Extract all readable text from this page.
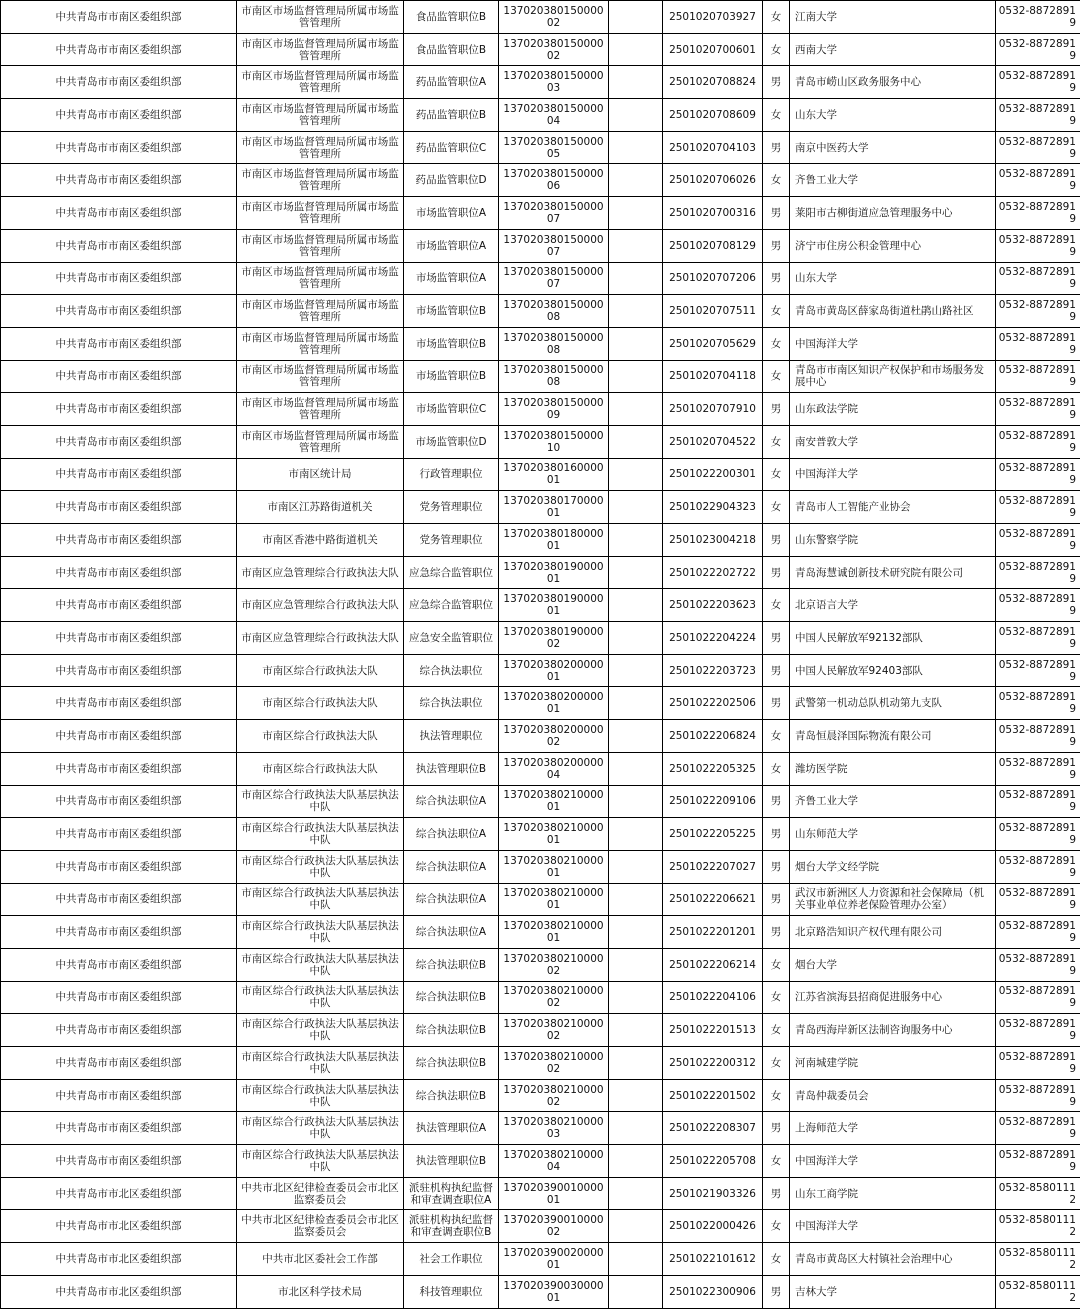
中共青岛市市南区委组织部	市南区市场监督管理局所属市场监管管理所	食品监管职位B	13702038015000002		2501020703927	女	江南大学	0532-88728919
中共青岛市市南区委组织部	市南区市场监督管理局所属市场监管管理所	食品监管职位B	13702038015000002		2501020700601	女	西南大学	0532-88728919
中共青岛市市南区委组织部	市南区市场监督管理局所属市场监管管理所	药品监管职位A	13702038015000003		2501020708824	男	青岛市崂山区政务服务中心	0532-88728919
中共青岛市市南区委组织部	市南区市场监督管理局所属市场监管管理所	药品监管职位B	13702038015000004		2501020708609	女	山东大学	0532-88728919
中共青岛市市南区委组织部	市南区市场监督管理局所属市场监管管理所	药品监管职位C	13702038015000005		2501020704103	男	南京中医药大学	0532-88728919
中共青岛市市南区委组织部	市南区市场监督管理局所属市场监管管理所	药品监管职位D	13702038015000006		2501020706026	女	齐鲁工业大学	0532-88728919
中共青岛市市南区委组织部	市南区市场监督管理局所属市场监管管理所	市场监管职位A	13702038015000007		2501020700316	男	莱阳市古柳街道应急管理服务中心	0532-88728919
中共青岛市市南区委组织部	市南区市场监督管理局所属市场监管管理所	市场监管职位A	13702038015000007		2501020708129	男	济宁市住房公积金管理中心	0532-88728919
中共青岛市市南区委组织部	市南区市场监督管理局所属市场监管管理所	市场监管职位A	13702038015000007		2501020707206	男	山东大学	0532-88728919
中共青岛市市南区委组织部	市南区市场监督管理局所属市场监管管理所	市场监管职位B	13702038015000008		2501020707511	女	青岛市黄岛区薛家岛街道杜鹃山路社区	0532-88728919
中共青岛市市南区委组织部	市南区市场监督管理局所属市场监管管理所	市场监管职位B	13702038015000008		2501020705629	女	中国海洋大学	0532-88728919
中共青岛市市南区委组织部	市南区市场监督管理局所属市场监管管理所	市场监管职位B	13702038015000008		2501020704118	女	青岛市市南区知识产权保护和市场服务发展中心	0532-88728919
中共青岛市市南区委组织部	市南区市场监督管理局所属市场监管管理所	市场监管职位C	13702038015000009		2501020707910	男	山东政法学院	0532-88728919
中共青岛市市南区委组织部	市南区市场监督管理局所属市场监管管理所	市场监管职位D	13702038015000010		2501020704522	女	南安普敦大学	0532-88728919
中共青岛市市南区委组织部	市南区统计局	行政管理职位	13702038016000001		2501022200301	女	中国海洋大学	0532-88728919
中共青岛市市南区委组织部	市南区江苏路街道机关	党务管理职位	13702038017000001		2501022904323	女	青岛市人工智能产业协会	0532-88728919
中共青岛市市南区委组织部	市南区香港中路街道机关	党务管理职位	13702038018000001		2501023004218	男	山东警察学院	0532-88728919
中共青岛市市南区委组织部	市南区应急管理综合行政执法大队	应急综合监管职位	13702038019000001		2501022202722	男	青岛海慧诚创新技术研究院有限公司	0532-88728919
中共青岛市市南区委组织部	市南区应急管理综合行政执法大队	应急综合监管职位	13702038019000001		2501022203623	女	北京语言大学	0532-88728919
中共青岛市市南区委组织部	市南区应急管理综合行政执法大队	应急安全监管职位	13702038019000002		2501022204224	男	中国人民解放军92132部队	0532-88728919
中共青岛市市南区委组织部	市南区综合行政执法大队	综合执法职位	13702038020000001		2501022203723	男	中国人民解放军92403部队	0532-88728919
中共青岛市市南区委组织部	市南区综合行政执法大队	综合执法职位	13702038020000001		2501022202506	男	武警第一机动总队机动第九支队	0532-88728919
中共青岛市市南区委组织部	市南区综合行政执法大队	执法管理职位	13702038020000002		2501022206824	女	青岛恒晨泽国际物流有限公司	0532-88728919
中共青岛市市南区委组织部	市南区综合行政执法大队	执法管理职位B	13702038020000004		2501022205325	女	潍坊医学院	0532-88728919
中共青岛市市南区委组织部	市南区综合行政执法大队基层执法中队	综合执法职位A	13702038021000001		2501022209106	男	齐鲁工业大学	0532-88728919
中共青岛市市南区委组织部	市南区综合行政执法大队基层执法中队	综合执法职位A	13702038021000001		2501022205225	男	山东师范大学	0532-88728919
中共青岛市市南区委组织部	市南区综合行政执法大队基层执法中队	综合执法职位A	13702038021000001		2501022207027	男	烟台大学文经学院	0532-88728919
中共青岛市市南区委组织部	市南区综合行政执法大队基层执法中队	综合执法职位A	13702038021000001		2501022206621	男	武汉市新洲区人力资源和社会保障局（机关事业单位养老保险管理办公室）	0532-88728919
中共青岛市市南区委组织部	市南区综合行政执法大队基层执法中队	综合执法职位A	13702038021000001		2501022201201	男	北京路浩知识产权代理有限公司	0532-88728919
中共青岛市市南区委组织部	市南区综合行政执法大队基层执法中队	综合执法职位B	13702038021000002		2501022206214	女	烟台大学	0532-88728919
中共青岛市市南区委组织部	市南区综合行政执法大队基层执法中队	综合执法职位B	13702038021000002		2501022204106	女	江苏省滨海县招商促进服务中心	0532-88728919
中共青岛市市南区委组织部	市南区综合行政执法大队基层执法中队	综合执法职位B	13702038021000002		2501022201513	女	青岛西海岸新区法制咨询服务中心	0532-88728919
中共青岛市市南区委组织部	市南区综合行政执法大队基层执法中队	综合执法职位B	13702038021000002		2501022200312	女	河南城建学院	0532-88728919
中共青岛市市南区委组织部	市南区综合行政执法大队基层执法中队	综合执法职位B	13702038021000002		2501022201502	女	青岛仲裁委员会	0532-88728919
中共青岛市市南区委组织部	市南区综合行政执法大队基层执法中队	执法管理职位A	13702038021000003		2501022208307	男	上海师范大学	0532-88728919
中共青岛市市南区委组织部	市南区综合行政执法大队基层执法中队	执法管理职位B	13702038021000004		2501022205708	女	中国海洋大学	0532-88728919
中共青岛市市北区委组织部	中共市北区纪律检查委员会市北区监察委员会	派驻机构执纪监督和审查调查职位A	13702039001000001		2501021903326	男	山东工商学院	0532-85801112
中共青岛市市北区委组织部	中共市北区纪律检查委员会市北区监察委员会	派驻机构执纪监督和审查调查职位B	13702039001000002		2501022000426	女	中国海洋大学	0532-85801112
中共青岛市市北区委组织部	中共市北区委社会工作部	社会工作职位	13702039002000001		2501022101612	女	青岛市黄岛区大村镇社会治理中心	0532-85801112
中共青岛市市北区委组织部	市北区科学技术局	科技管理职位	13702039003000001		2501022300906	男	吉林大学	0532-85801112
